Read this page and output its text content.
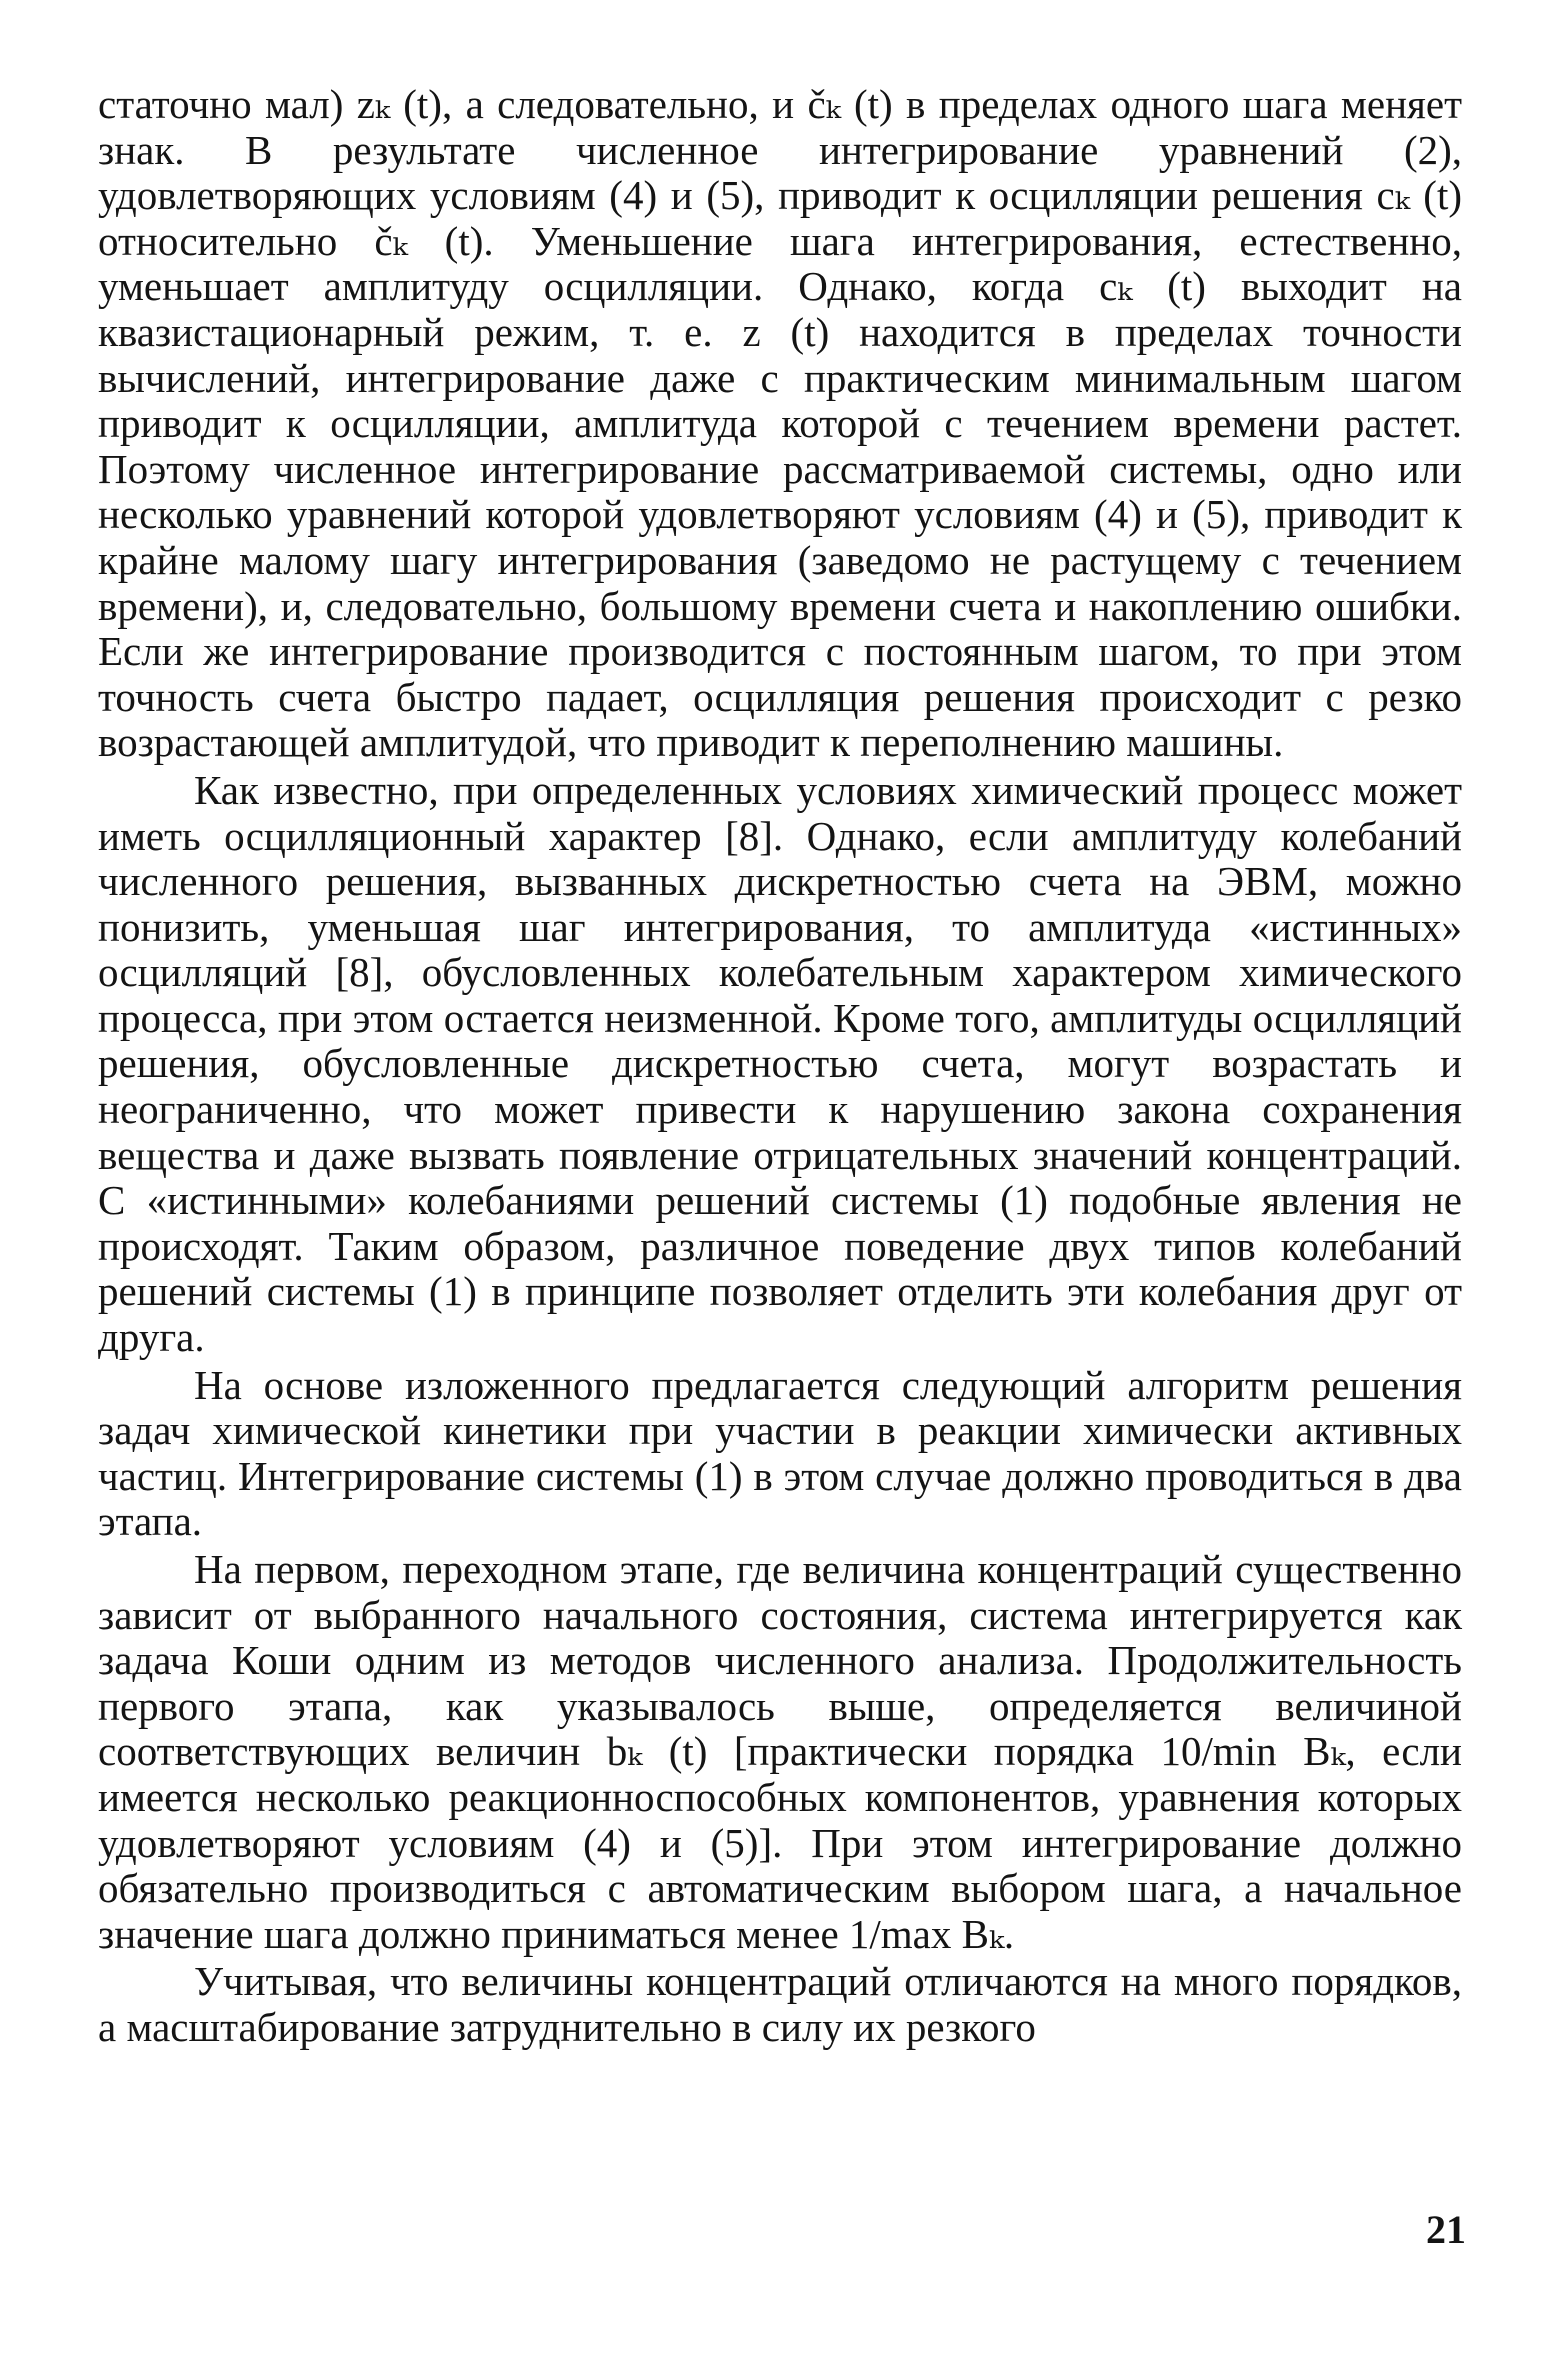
статочно мал) zₖ (t), а следовательно, и čₖ (t) в пределах одного шага меняет знак. В результате численное интегрирование уравнений (2), удовлетворяющих условиям (4) и (5), приводит к осцилляции решения cₖ (t) относительно čₖ (t). Уменьшение шага интегрирования, естественно, уменьшает амплитуду осцилляции. Однако, когда cₖ (t) выходит на квазистационарный режим, т. е. z (t) находится в пределах точности вычислений, интегрирование даже с практическим минимальным шагом приводит к осцилляции, амплитуда которой с течением времени растет. Поэтому численное интегрирование рассматриваемой системы, одно или несколько уравнений которой удовлетворяют условиям (4) и (5), приводит к крайне малому шагу интегрирования (заведомо не растущему с течением времени), и, следовательно, большому времени счета и накоплению ошибки. Если же интегрирование производится с постоянным шагом, то при этом точность счета быстро падает, осцилляция решения происходит с резко возрастающей амплитудой, что приводит к переполнению машины.

Как известно, при определенных условиях химический процесс может иметь осцилляционный характер [8]. Однако, если амплитуду колебаний численного решения, вызванных дискретностью счета на ЭВМ, можно понизить, уменьшая шаг интегрирования, то амплитуда «истинных» осцилляций [8], обусловленных колебательным характером химического процесса, при этом остается неизменной. Кроме того, амплитуды осцилляций решения, обусловленные дискретностью счета, могут возрастать и неограниченно, что может привести к нарушению закона сохранения вещества и даже вызвать появление отрицательных значений концентраций. С «истинными» колебаниями решений системы (1) подобные явления не происходят. Таким образом, различное поведение двух типов колебаний решений системы (1) в принципе позволяет отделить эти колебания друг от друга.

На основе изложенного предлагается следующий алгоритм решения задач химической кинетики при участии в реакции химически активных частиц. Интегрирование системы (1) в этом случае должно проводиться в два этапа.

На первом, переходном этапе, где величина концентраций существенно зависит от выбранного начального состояния, система интегрируется как задача Коши одним из методов численного анализа. Продолжительность первого этапа, как указывалось выше, определяется величиной соответствующих величин bₖ (t) [практически порядка 10/min Bₖ, если имеется несколько реакционноспособных компонентов, уравнения которых удовлетворяют условиям (4) и (5)]. При этом интегрирование должно обязательно производиться с автоматическим выбором шага, а начальное значение шага должно приниматься менее 1/max Bₖ.

Учитывая, что величины концентраций отличаются на много порядков, а масштабирование затруднительно в силу их резкого

21
